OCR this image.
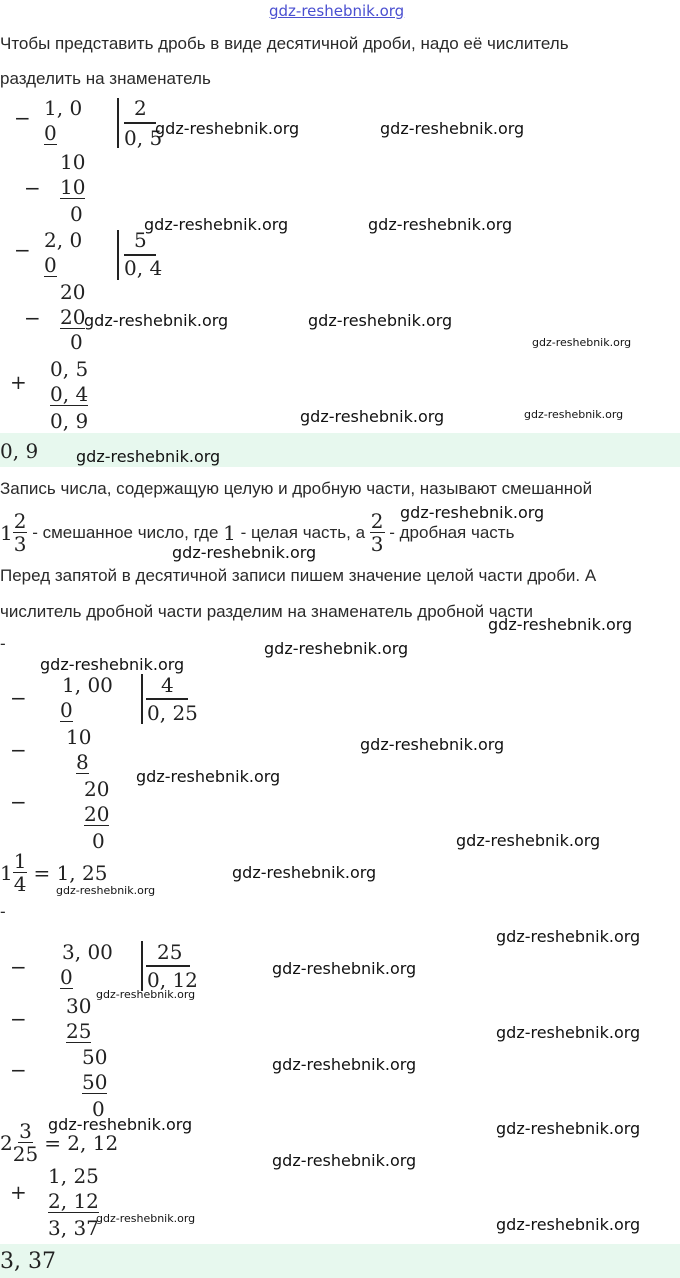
gdz-reshebnik.org
Чтобы представить дробь в виде десятичной дроби, надо её числитель
разделить на знаменатель
− 1, 0
0
2
0, 5
10
− 10
0
− 2, 0
0
5
0, 4
20
− 20
0
+
0, 5
0, 4
0, 9
0, 9
Запись числа, содержащую целую и дробную части, называют смешанной
$1 \frac{2}{3}$ - смешанное число, где 1 - целая часть, а $\frac{2}{3}$ - дробная часть
Перед запятой в десятичной записи пишем значение целой части дроби. А
числитель дробной части разделим на знаменатель дробной части
-
−
1, 00
0
4
0, 25
10
− 8
20
−	20
0
$1 \frac{1}{4} = 1$, 25
-
−
3, 00
0
25
0, 12
30
− 25
50
−	50
0
$2 \frac{3}{25} = 2$, 12
+
1, 25
2, 12
3, 37
3, 37
gdz-reshebnik.org	gdz-reshebnik.org
gdz-reshebnik.org	gdz-reshebnik.org
gdz-reshebnik.org	gdz-reshebnik.org
gdz-reshebnik.org
gdz-reshebnik.org	gdz-reshebnik.org
gdz-reshebnik.org
gdz-reshebnik.org
gdz-reshebnik.org
gdz-reshebnik.org
gdz-reshebnik.org
gdz-reshebnik.org
gdz-reshebnik.org
gdz-reshebnik.org
gdz-reshebnik.org
gdz-reshebnik.org
gdz-reshebnik.org
gdz-reshebnik.org
gdz-reshebnik.org
gdz-reshebnik.org
gdz-reshebnik.org
gdz-reshebnik.org
gdz-reshebnik.org	gdz-reshebnik.org
gdz-reshebnik.org
gdz-reshebnik.org	gdz-reshebnik.org
